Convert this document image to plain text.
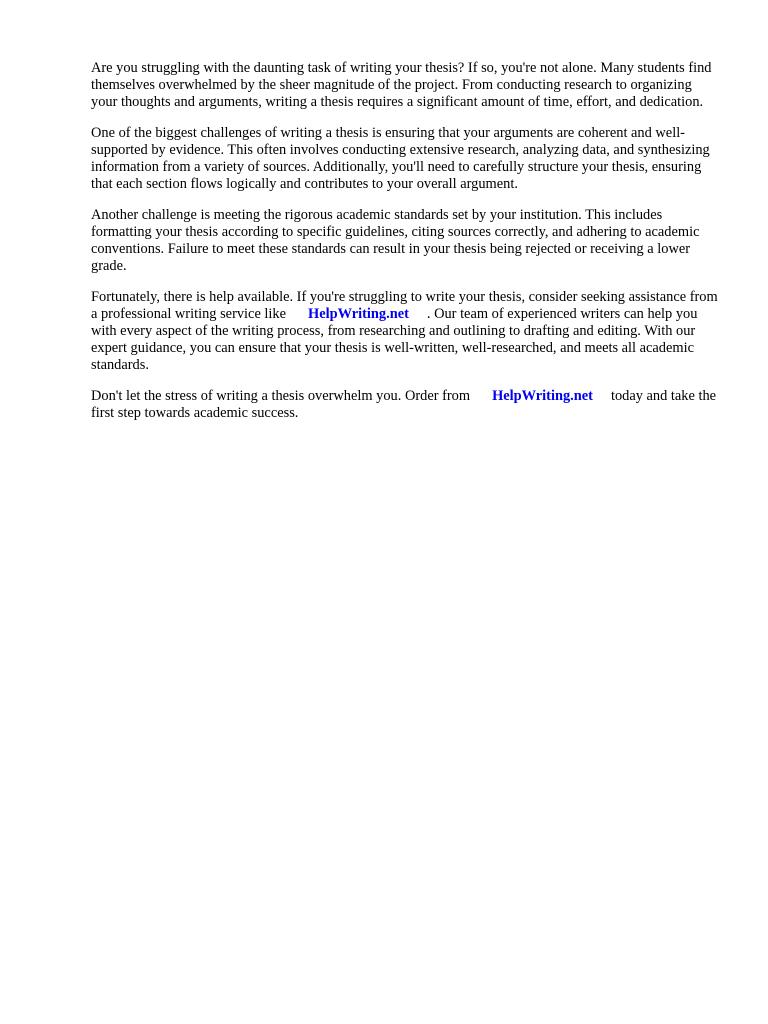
Are you struggling with the daunting task of writing your thesis? If so, you're not alone. Many students find themselves overwhelmed by the sheer magnitude of the project. From conducting research to organizing your thoughts and arguments, writing a thesis requires a significant amount of time, effort, and dedication.

One of the biggest challenges of writing a thesis is ensuring that your arguments are coherent and well-supported by evidence. This often involves conducting extensive research, analyzing data, and synthesizing information from a variety of sources. Additionally, you'll need to carefully structure your thesis, ensuring that each section flows logically and contributes to your overall argument.

Another challenge is meeting the rigorous academic standards set by your institution. This includes formatting your thesis according to specific guidelines, citing sources correctly, and adhering to academic conventions. Failure to meet these standards can result in your thesis being rejected or receiving a lower grade.

Fortunately, there is help available. If you're struggling to write your thesis, consider seeking assistance from a professional writing service like HelpWriting.net . Our team of experienced writers can help you with every aspect of the writing process, from researching and outlining to drafting and editing. With our expert guidance, you can ensure that your thesis is well-written, well-researched, and meets all academic standards.

Don't let the stress of writing a thesis overwhelm you. Order from HelpWriting.net today and take the first step towards academic success.
